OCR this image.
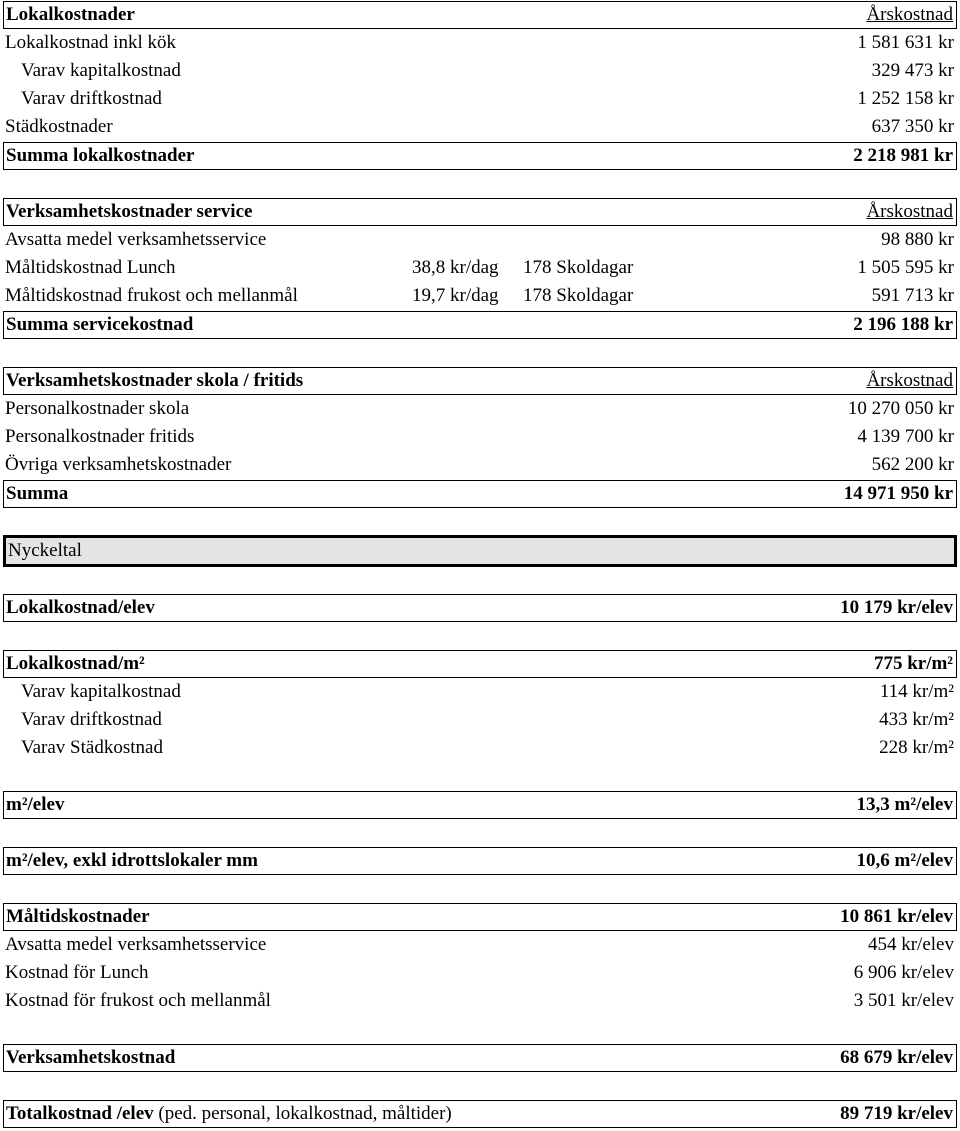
Lokalkostnader	Årskostnad
Lokalkostnad inkl kök	1 581 631 kr
Varav kapitalkostnad	329 473 kr
Varav driftkostnad	1 252 158 kr
Städkostnader	637 350 kr
Summa lokalkostnader	2 218 981 kr
Verksamhetskostnader service	Årskostnad
Avsatta medel verksamhetsservice	98 880 kr
Måltidskostnad Lunch	38,8 kr/dag 178 Skoldagar	1 505 595 kr
Måltidskostnad frukost och mellanmål	19,7 kr/dag 178 Skoldagar	591 713 kr
Summa servicekostnad	2 196 188 kr
Verksamhetskostnader skola / fritids	Årskostnad
Personalkostnader skola	10 270 050 kr
Personalkostnader fritids	4 139 700 kr
Övriga verksamhetskostnader	562 200 kr
Summa	14 971 950 kr
Nyckeltal
Lokalkostnad/elev	10 179 kr/elev
Lokalkostnad/m²	775 kr/m²
Varav kapitalkostnad	114 kr/m²
Varav driftkostnad	433 kr/m²
Varav Städkostnad	228 kr/m²
m²/elev	13,3 m²/elev
m²/elev, exkl idrottslokaler mm	10,6 m²/elev
Måltidskostnader	10 861 kr/elev
Avsatta medel verksamhetsservice	454 kr/elev
Kostnad för Lunch	6 906 kr/elev
Kostnad för frukost och mellanmål	3 501 kr/elev
Verksamhetskostnad	68 679 kr/elev
Totalkostnad /elev (ped. personal, lokalkostnad, måltider)	89 719 kr/elev
